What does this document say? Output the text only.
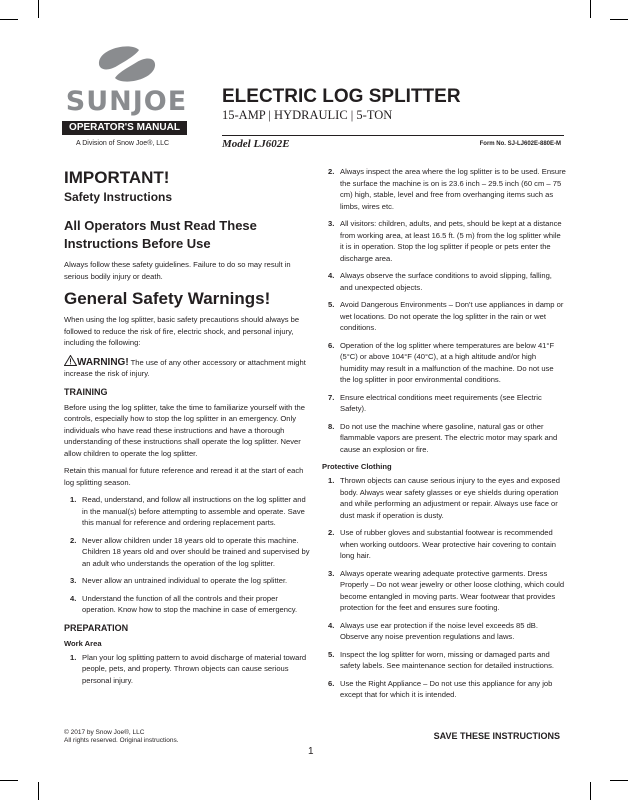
SUNJOE
OPERATOR'S MANUAL
ELECTRIC LOG SPLITTER
15-AMP | HYDRAULIC | 5-TON
A Division of Snow Joe®, LLC	Model LJ602E	Form No. SJ-LJ602E-880E-M
IMPORTANT!
Safety Instructions
All Operators Must Read These Instructions Before Use

Always follow these safety guidelines. Failure to do so may result in serious bodily injury or death.

General Safety Warnings!

When using the log splitter, basic safety precautions should always be followed to reduce the risk of fire, electric shock, and personal injury, including the following:

WARNING! The use of any other accessory or attachment might increase the risk of injury.

TRAINING

Before using the log splitter, take the time to familiarize yourself with the controls, especially how to stop the log splitter in an emergency. Only individuals who have read these instructions and have a thorough understanding of these instructions shall operate the log splitter. Never allow children to operate the log splitter.

Retain this manual for future reference and reread it at the start of each log splitting season.

1. Read, understand, and follow all instructions on the log splitter and in the manual(s) before attempting to assemble and operate. Save this manual for reference and ordering replacement parts.
2. Never allow children under 18 years old to operate this machine. Children 18 years old and over should be trained and supervised by an adult who understands the operation of the log splitter.
3. Never allow an untrained individual to operate the log splitter.
4. Understand the function of all the controls and their proper operation. Know how to stop the machine in case of emergency.
PREPARATION
Work Area
1. Plan your log splitting pattern to avoid discharge of material toward people, pets, and property. Thrown objects can cause serious personal injury.
2. Always inspect the area where the log splitter is to be used. Ensure the surface the machine is on is 23.6 inch – 29.5 inch (60 cm – 75 cm) high, stable, level and free from overhanging items such as limbs, wires etc.
3. All visitors: children, adults, and pets, should be kept at a distance from working area, at least 16.5 ft. (5 m) from the log splitter while it is in operation. Stop the log splitter if people or pets enter the discharge area.
4. Always observe the surface conditions to avoid slipping, falling, and unexpected objects.
5. Avoid Dangerous Environments – Don't use appliances in damp or wet locations. Do not operate the log splitter in the rain or wet conditions.
6. Operation of the log splitter where temperatures are below 41°F (5°C) or above 104°F (40°C), at a high altitude and/or high humidity may result in a malfunction of the machine. Do not use the log splitter in poor environmental conditions.
7. Ensure electrical conditions meet requirements (see Electric Safety).
8. Do not use the machine where gasoline, natural gas or other flammable vapors are present. The electric motor may spark and cause an explosion or fire.
Protective Clothing
1. Thrown objects can cause serious injury to the eyes and exposed body. Always wear safety glasses or eye shields during operation and while performing an adjustment or repair. Always use face or dust mask if operation is dusty.
2. Use of rubber gloves and substantial footwear is recommended when working outdoors. Wear protective hair covering to contain long hair.
3. Always operate wearing adequate protective garments. Dress Properly – Do not wear jewelry or other loose clothing, which could become entangled in moving parts. Wear footwear that provides protection for the feet and ensures sure footing.
4. Always use ear protection if the noise level exceeds 85 dB. Observe any noise prevention regulations and laws.
5. Inspect the log splitter for worn, missing or damaged parts and safety labels. See maintenance section for detailed instructions.
6. Use the Right Appliance – Do not use this appliance for any job except that for which it is intended.
© 2017 by Snow Joe®, LLC
All rights reserved. Original instructions.	SAVE THESE INSTRUCTIONS
1
